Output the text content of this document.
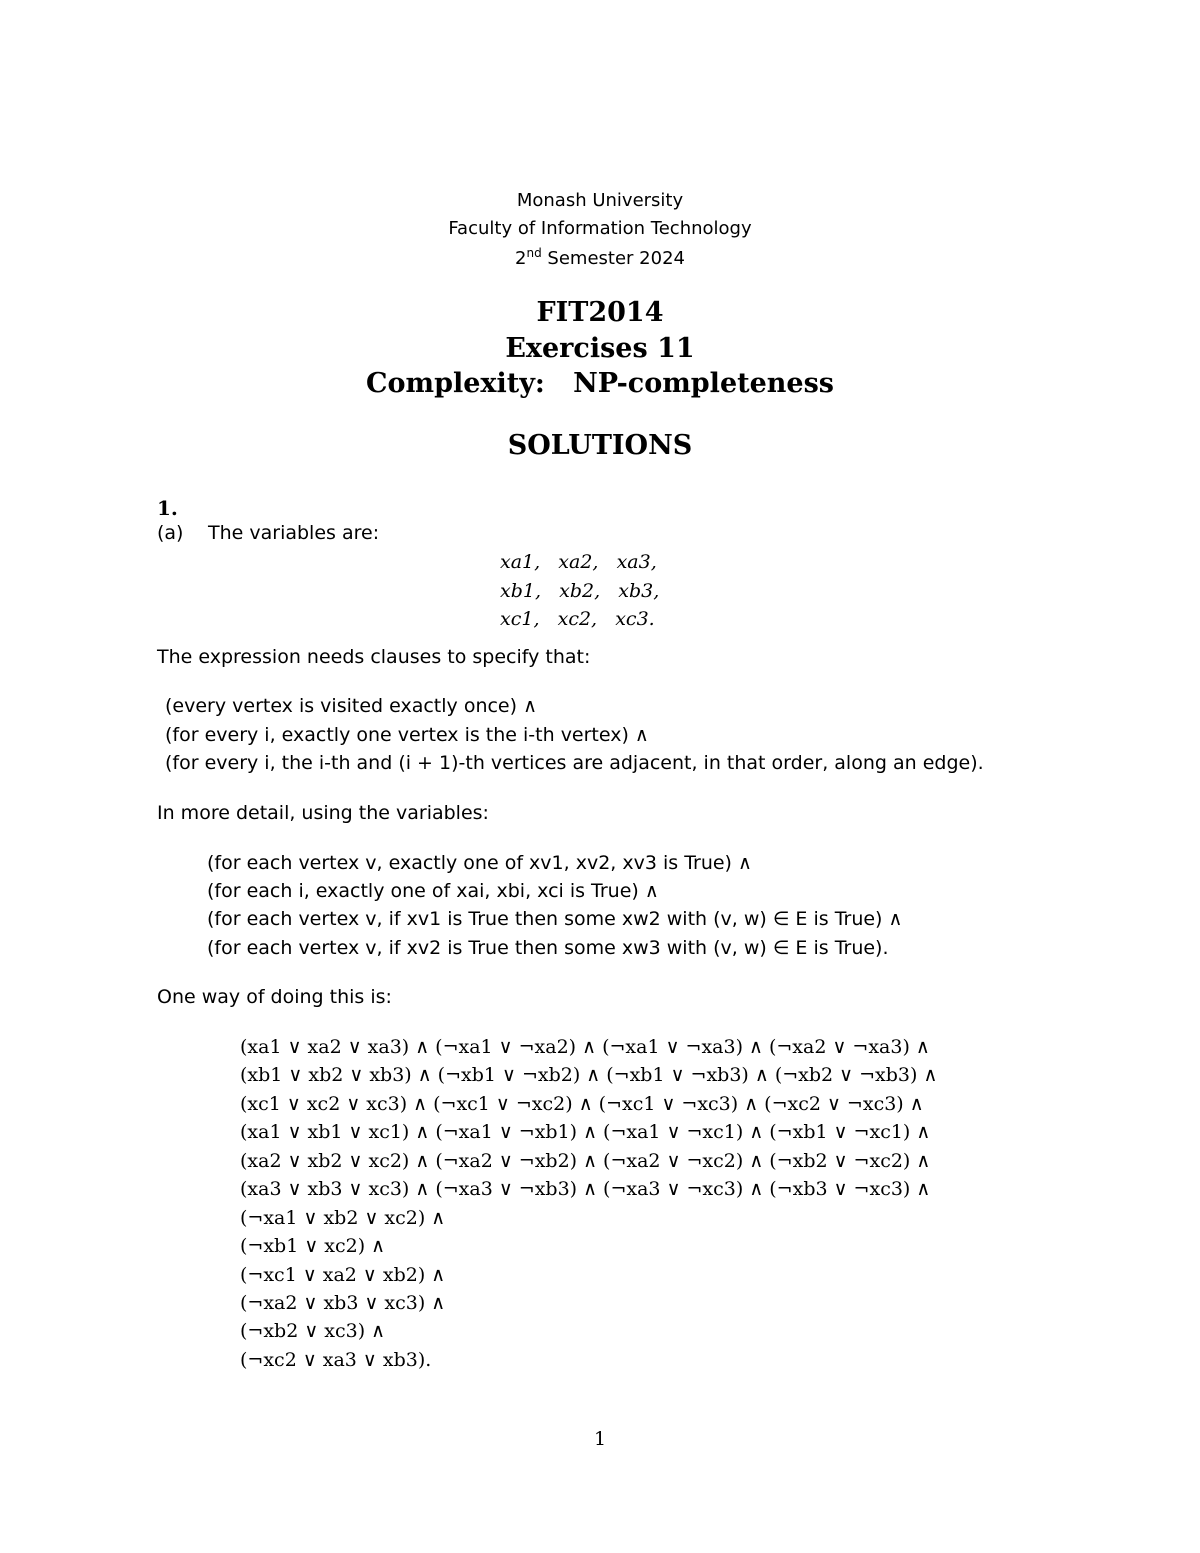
Monash University
Faculty of Information Technology
2nd Semester 2024
FIT2014
Exercises 11
Complexity:   NP-completeness
SOLUTIONS
1.
(a) The variables are:
xa1,   xa2,   xa3,
xb1,   xb2,   xb3,
xc1,   xc2,   xc3.
The expression needs clauses to specify that:
(every vertex is visited exactly once) ∧
(for every i, exactly one vertex is the i-th vertex) ∧
(for every i, the i-th and (i + 1)-th vertices are adjacent, in that order, along an edge).
In more detail, using the variables:
(for each vertex v, exactly one of xv1, xv2, xv3 is True) ∧
(for each i, exactly one of xai, xbi, xci is True) ∧
(for each vertex v, if xv1 is True then some xw2 with (v, w) ∈ E is True) ∧
(for each vertex v, if xv2 is True then some xw3 with (v, w) ∈ E is True).
One way of doing this is:
(xa1 ∨ xa2 ∨ xa3) ∧ (¬xa1 ∨ ¬xa2) ∧ (¬xa1 ∨ ¬xa3) ∧ (¬xa2 ∨ ¬xa3) ∧
(xb1 ∨ xb2 ∨ xb3) ∧ (¬xb1 ∨ ¬xb2) ∧ (¬xb1 ∨ ¬xb3) ∧ (¬xb2 ∨ ¬xb3) ∧
(xc1 ∨ xc2 ∨ xc3) ∧ (¬xc1 ∨ ¬xc2) ∧ (¬xc1 ∨ ¬xc3) ∧ (¬xc2 ∨ ¬xc3) ∧
(xa1 ∨ xb1 ∨ xc1) ∧ (¬xa1 ∨ ¬xb1) ∧ (¬xa1 ∨ ¬xc1) ∧ (¬xb1 ∨ ¬xc1) ∧
(xa2 ∨ xb2 ∨ xc2) ∧ (¬xa2 ∨ ¬xb2) ∧ (¬xa2 ∨ ¬xc2) ∧ (¬xb2 ∨ ¬xc2) ∧
(xa3 ∨ xb3 ∨ xc3) ∧ (¬xa3 ∨ ¬xb3) ∧ (¬xa3 ∨ ¬xc3) ∧ (¬xb3 ∨ ¬xc3) ∧
(¬xa1 ∨ xb2 ∨ xc2) ∧
(¬xb1 ∨ xc2) ∧
(¬xc1 ∨ xa2 ∨ xb2) ∧
(¬xa2 ∨ xb3 ∨ xc3) ∧
(¬xb2 ∨ xc3) ∧
(¬xc2 ∨ xa3 ∨ xb3).
1
